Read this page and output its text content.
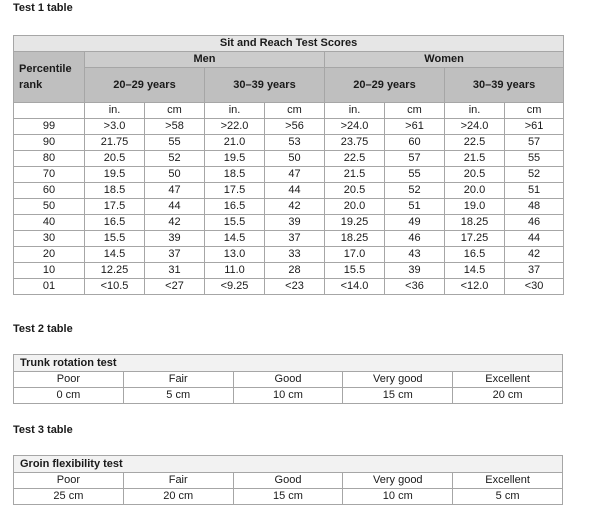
Test 1 table
Sit and Reach Test Scores								
Percentile rank	Men				Women			
	20–29 years		30–39 years		20–29 years		30–39 years	
	in.	cm	in.	cm	in.	cm	in.	cm
99	>3.0	>58	>22.0	>56	>24.0	>61	>24.0	>61
90	21.75	55	21.0	53	23.75	60	22.5	57
80	20.5	52	19.5	50	22.5	57	21.5	55
70	19.5	50	18.5	47	21.5	55	20.5	52
60	18.5	47	17.5	44	20.5	52	20.0	51
50	17.5	44	16.5	42	20.0	51	19.0	48
40	16.5	42	15.5	39	19.25	49	18.25	46
30	15.5	39	14.5	37	18.25	46	17.25	44
20	14.5	37	13.0	33	17.0	43	16.5	42
10	12.25	31	11.0	28	15.5	39	14.5	37
01	<10.5	<27	<9.25	<23	<14.0	<36	<12.0	<30
Test 2 table
Trunk rotation test				
Poor	Fair	Good	Very good	Excellent
0 cm	5 cm	10 cm	15 cm	20 cm
Test 3 table
Groin flexibility test				
Poor	Fair	Good	Very good	Excellent
25 cm	20 cm	15 cm	10 cm	5 cm
